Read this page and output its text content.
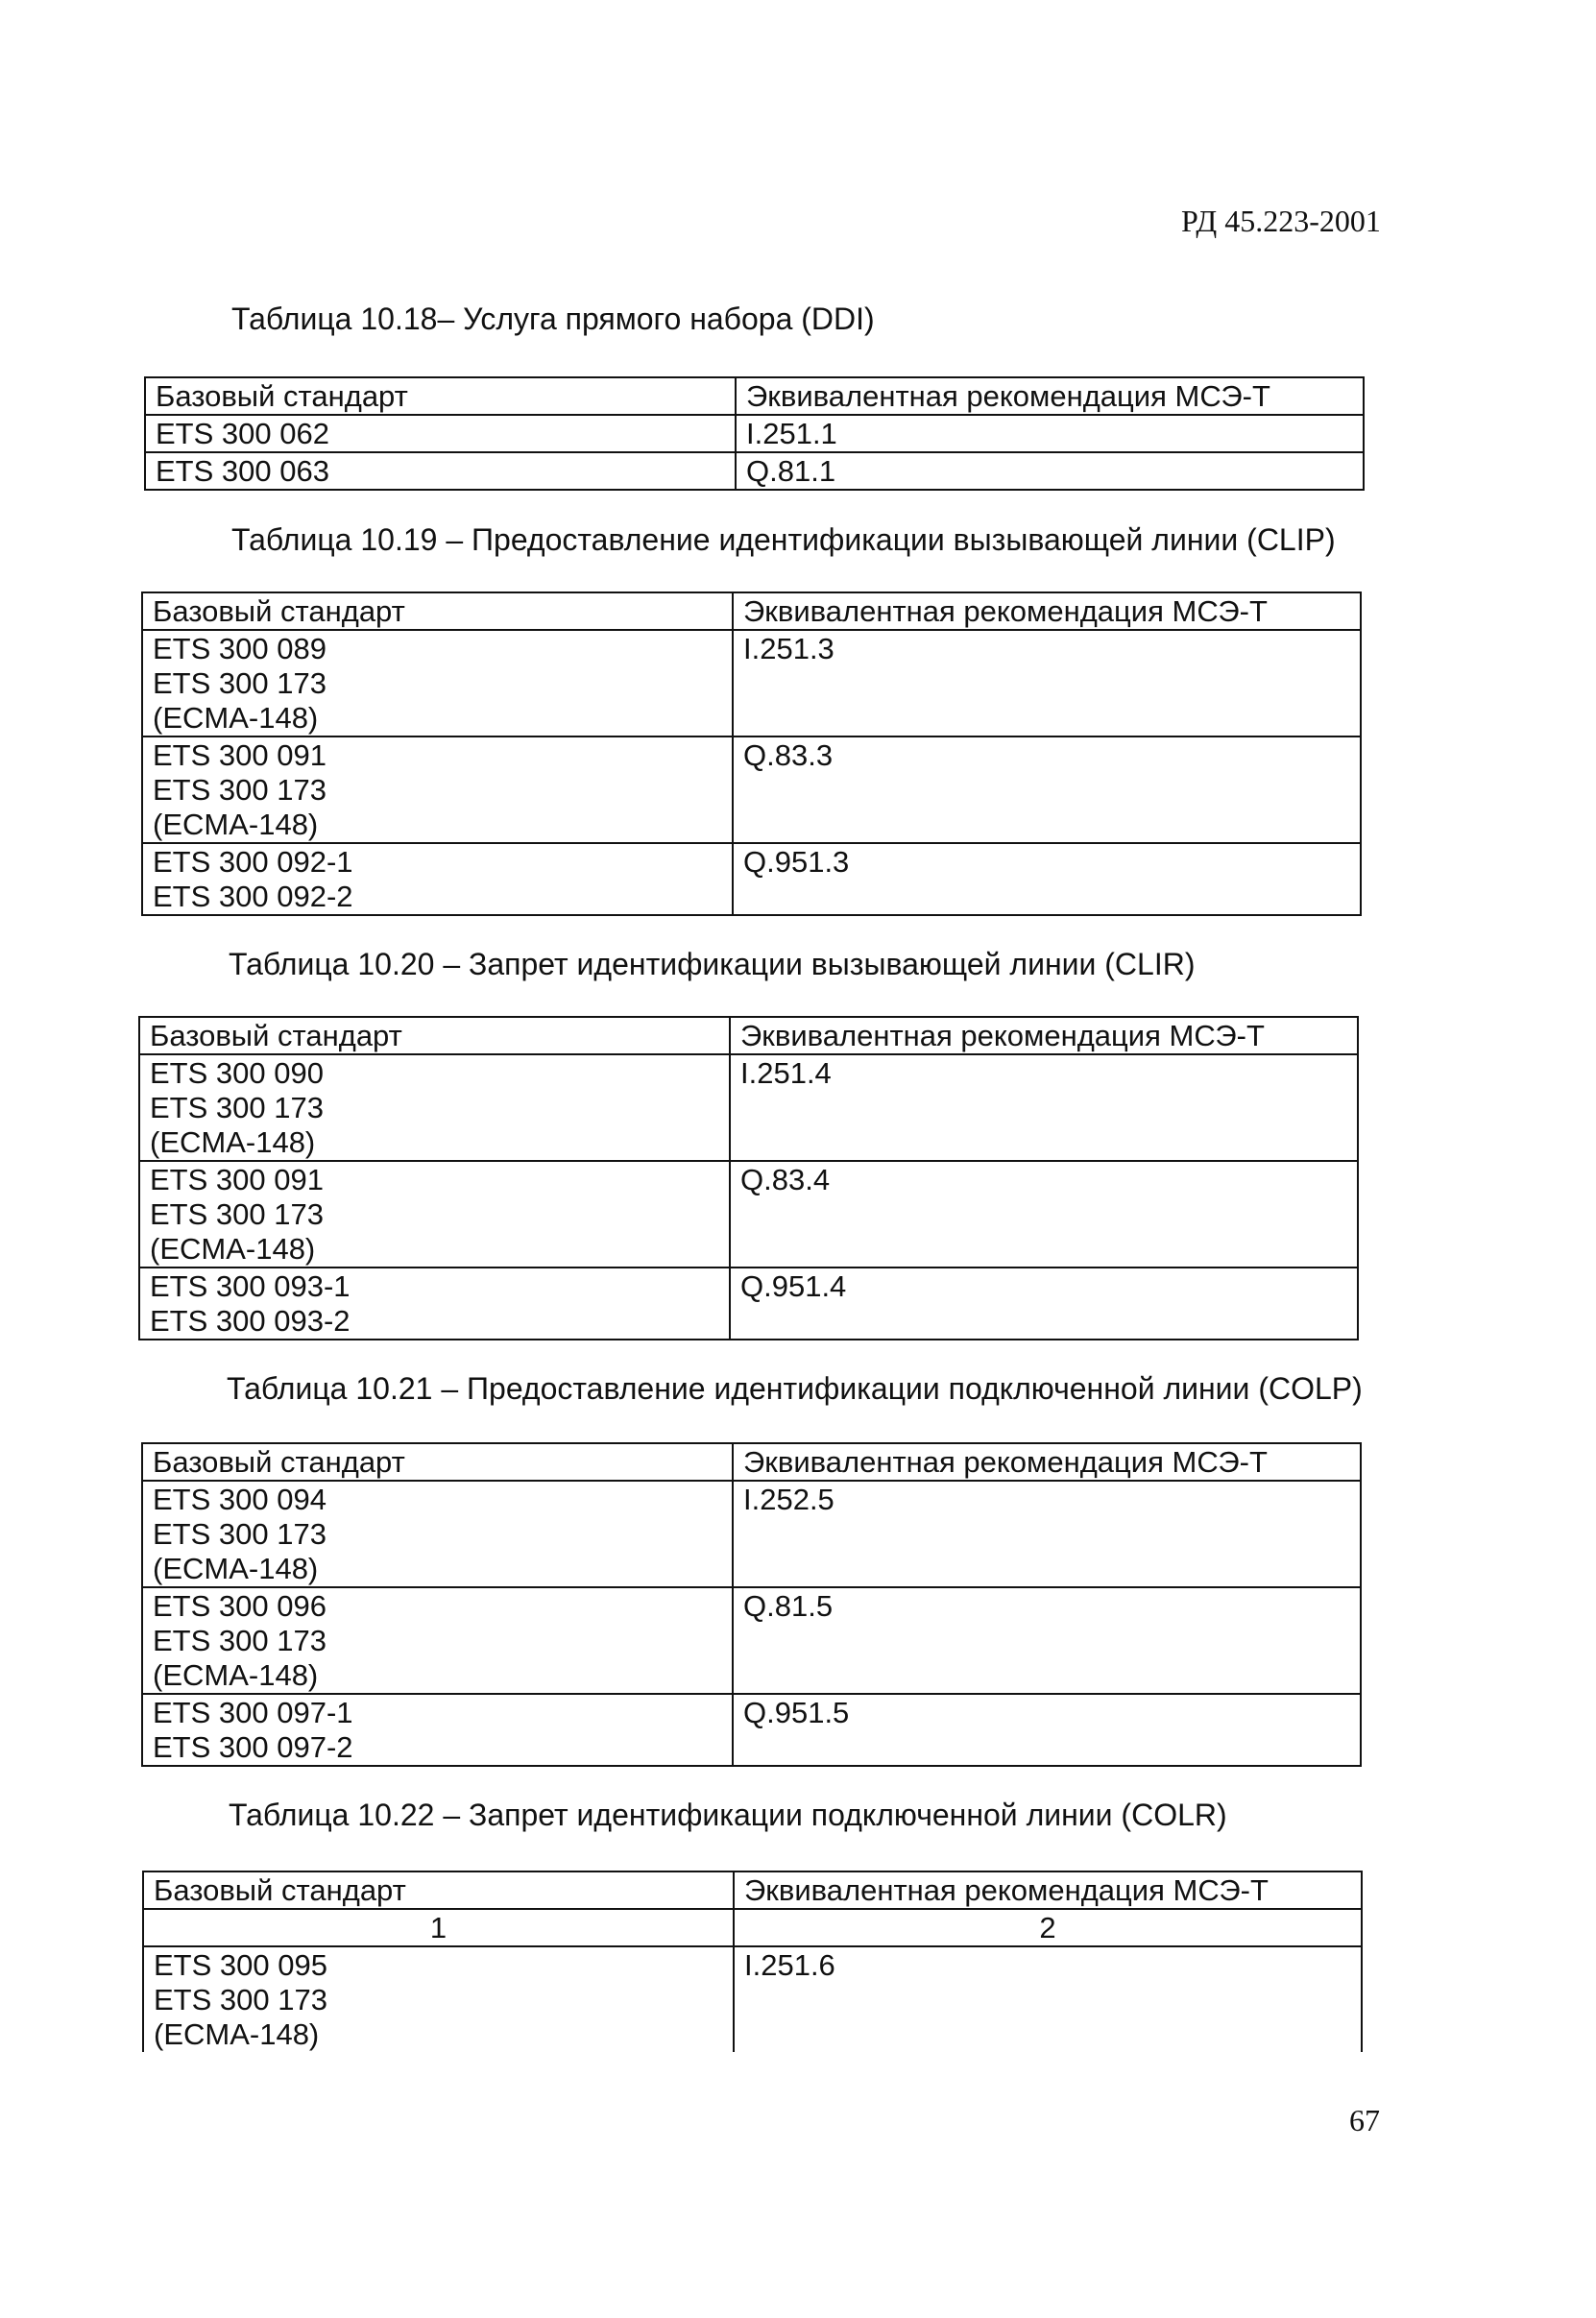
РД 45.223-2001

Таблица 10.18– Услуга прямого набора (DDI)

Базовый стандарт	Эквивалентная рекомендация МСЭ-Т
ETS 300 062	I.251.1
ETS 300 063	Q.81.1

Таблица 10.19 – Предоставление идентификации вызывающей линии (CLIP)

Базовый стандарт	Эквивалентная рекомендация МСЭ-Т
ETS 300 089
ETS 300 173
(ECMA-148)	I.251.3
ETS 300 091
ETS 300 173
(ECMA-148)	Q.83.3
ETS 300 092-1
ETS 300 092-2	Q.951.3

Таблица 10.20 – Запрет идентификации вызывающей линии (CLIR)

Базовый стандарт	Эквивалентная рекомендация МСЭ-Т
ETS 300 090
ETS 300 173
(ECMA-148)	I.251.4
ETS 300 091
ETS 300 173
(ECMA-148)	Q.83.4
ETS 300 093-1
ETS 300 093-2	Q.951.4

Таблица 10.21 – Предоставление идентификации подключенной линии (COLP)

Базовый стандарт	Эквивалентная рекомендация МСЭ-Т
ETS 300 094
ETS 300 173
(ECMA-148)	I.252.5
ETS 300 096
ETS 300 173
(ECMA-148)	Q.81.5
ETS 300 097-1
ETS 300 097-2	Q.951.5

Таблица 10.22 – Запрет идентификации подключенной линии (COLR)

Базовый стандарт	Эквивалентная рекомендация МСЭ-Т
1	2
ETS 300 095
ETS 300 173
(ECMA-148)	I.251.6

67
